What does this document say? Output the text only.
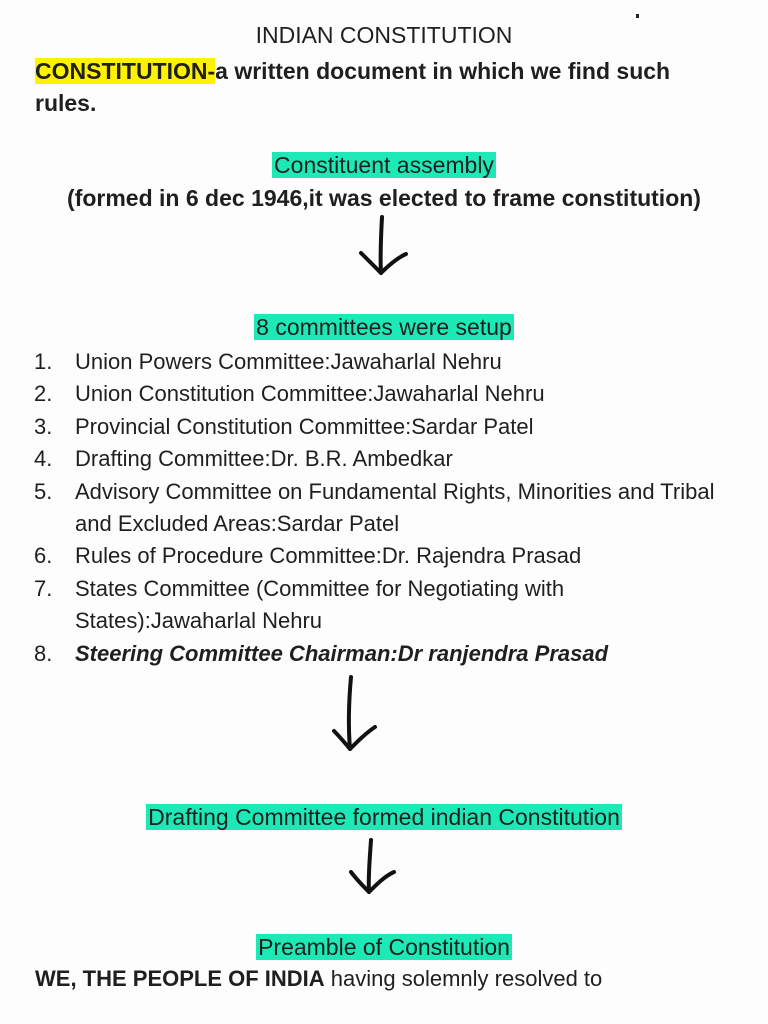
INDIAN CONSTITUTION
CONSTITUTION-a written document in which we find such rules.
Constituent assembly
(formed in 6 dec 1946,it was elected to frame constitution)
8 committees were setup
1. Union Powers Committee:Jawaharlal Nehru
2. Union Constitution Committee:Jawaharlal Nehru
3. Provincial Constitution Committee:Sardar Patel
4. Drafting Committee:Dr. B.R. Ambedkar
5. Advisory Committee on Fundamental Rights, Minorities and Tribal and Excluded Areas:Sardar Patel
6. Rules of Procedure Committee:Dr. Rajendra Prasad
7. States Committee (Committee for Negotiating with States):Jawaharlal Nehru
8. Steering Committee Chairman:Dr ranjendra Prasad
Drafting Committee formed indian Constitution
Preamble of Constitution
WE, THE PEOPLE OF INDIA having solemnly resolved to
